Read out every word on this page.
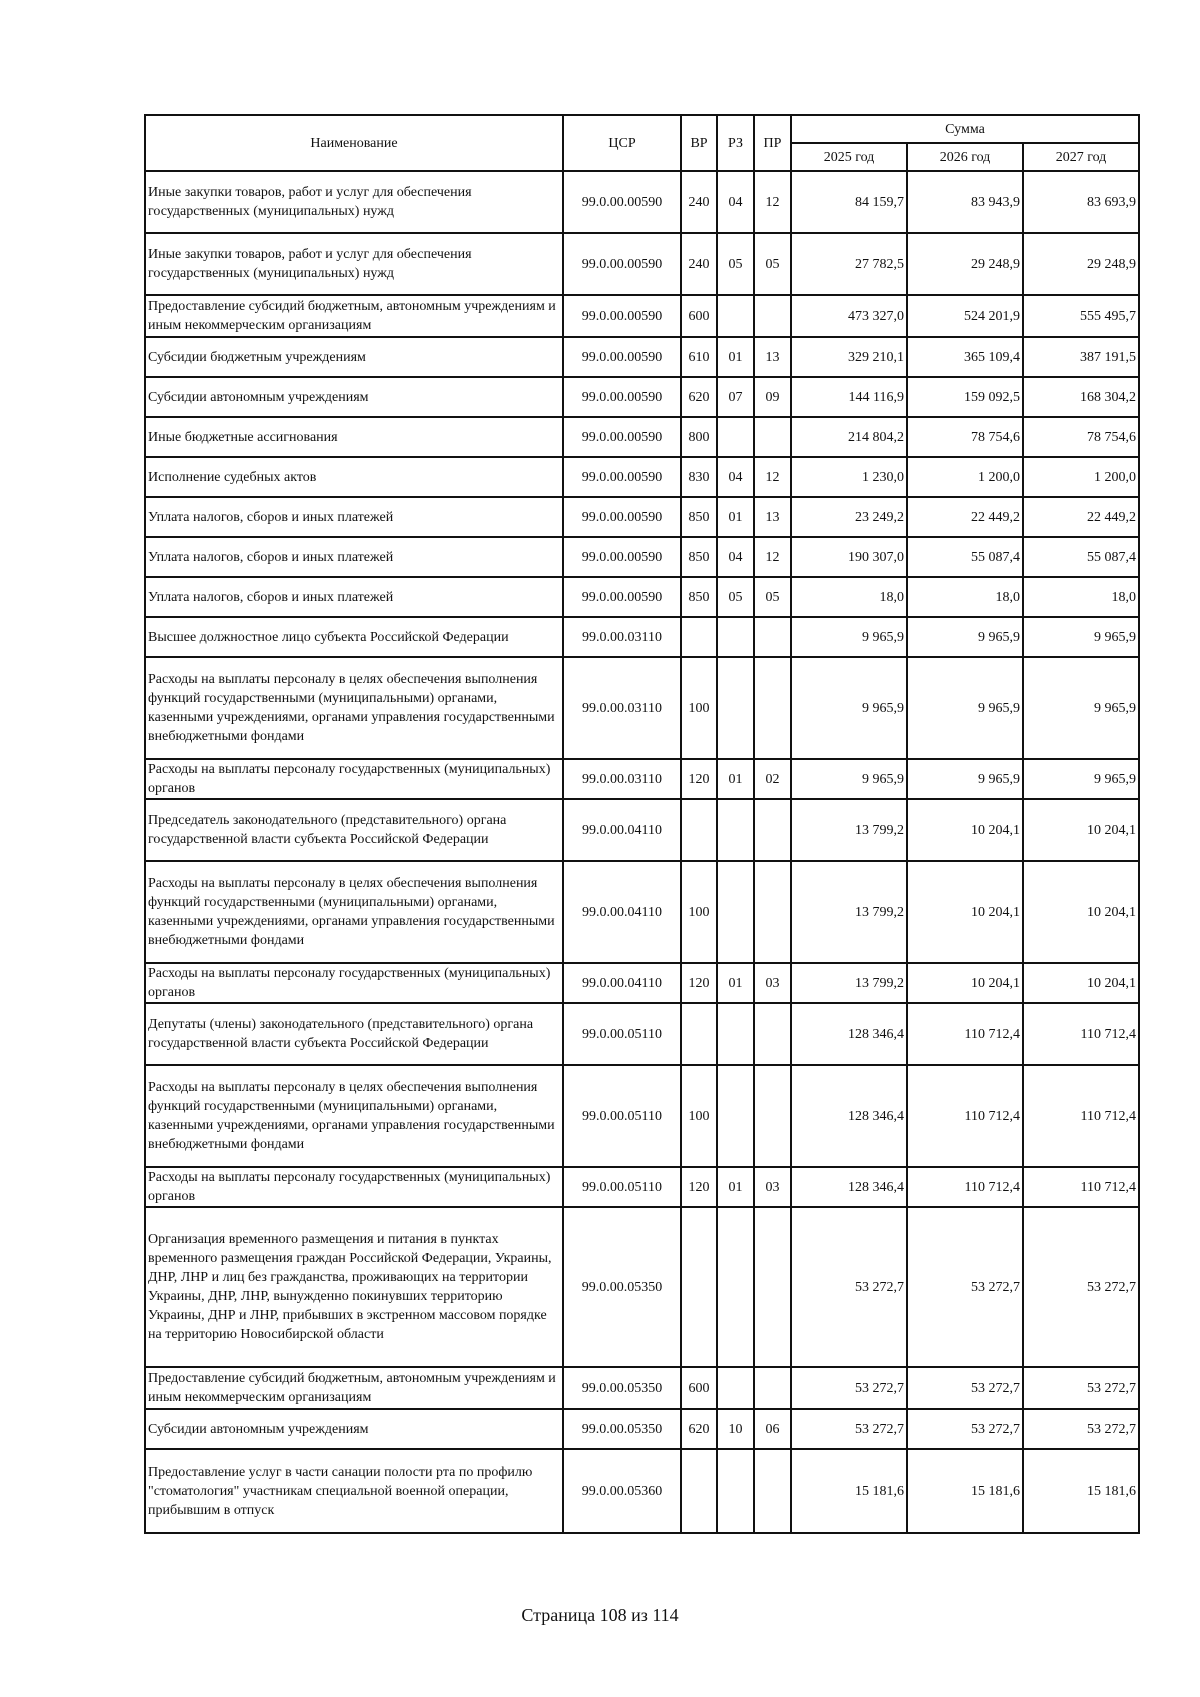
Наименование	ЦСР	ВР	РЗ	ПР	Сумма		
					2025 год	2026 год	2027 год
Иные закупки товаров, работ и услуг для обеспечения государственных (муниципальных) нужд	99.0.00.00590	240	04	12	84 159,7	83 943,9	83 693,9
Иные закупки товаров, работ и услуг для обеспечения государственных (муниципальных) нужд	99.0.00.00590	240	05	05	27 782,5	29 248,9	29 248,9
Предоставление субсидий бюджетным, автономным учреждениям и иным некоммерческим организациям	99.0.00.00590	600			473 327,0	524 201,9	555 495,7
Субсидии бюджетным учреждениям	99.0.00.00590	610	01	13	329 210,1	365 109,4	387 191,5
Субсидии автономным учреждениям	99.0.00.00590	620	07	09	144 116,9	159 092,5	168 304,2
Иные бюджетные ассигнования	99.0.00.00590	800			214 804,2	78 754,6	78 754,6
Исполнение судебных актов	99.0.00.00590	830	04	12	1 230,0	1 200,0	1 200,0
Уплата налогов, сборов и иных платежей	99.0.00.00590	850	01	13	23 249,2	22 449,2	22 449,2
Уплата налогов, сборов и иных платежей	99.0.00.00590	850	04	12	190 307,0	55 087,4	55 087,4
Уплата налогов, сборов и иных платежей	99.0.00.00590	850	05	05	18,0	18,0	18,0
Высшее должностное лицо субъекта Российской Федерации	99.0.00.03110				9 965,9	9 965,9	9 965,9
Расходы на выплаты персоналу в целях обеспечения выполнения функций государственными (муниципальными) органами, казенными учреждениями, органами управления государственными внебюджетными фондами	99.0.00.03110	100			9 965,9	9 965,9	9 965,9
Расходы на выплаты персоналу государственных (муниципальных) органов	99.0.00.03110	120	01	02	9 965,9	9 965,9	9 965,9
Председатель законодательного (представительного) органа государственной власти субъекта Российской Федерации	99.0.00.04110				13 799,2	10 204,1	10 204,1
Расходы на выплаты персоналу в целях обеспечения выполнения функций государственными (муниципальными) органами, казенными учреждениями, органами управления государственными внебюджетными фондами	99.0.00.04110	100			13 799,2	10 204,1	10 204,1
Расходы на выплаты персоналу государственных (муниципальных) органов	99.0.00.04110	120	01	03	13 799,2	10 204,1	10 204,1
Депутаты (члены) законодательного (представительного) органа государственной власти субъекта Российской Федерации	99.0.00.05110				128 346,4	110 712,4	110 712,4
Расходы на выплаты персоналу в целях обеспечения выполнения функций государственными (муниципальными) органами, казенными учреждениями, органами управления государственными внебюджетными фондами	99.0.00.05110	100			128 346,4	110 712,4	110 712,4
Расходы на выплаты персоналу государственных (муниципальных) органов	99.0.00.05110	120	01	03	128 346,4	110 712,4	110 712,4
Организация временного размещения и питания в пунктах временного размещения граждан Российской Федерации, Украины, ДНР, ЛНР и лиц без гражданства, проживающих на территории Украины, ДНР, ЛНР, вынужденно покинувших территорию Украины, ДНР и ЛНР, прибывших в экстренном массовом порядке на территорию Новосибирской области	99.0.00.05350				53 272,7	53 272,7	53 272,7
Предоставление субсидий бюджетным, автономным учреждениям и иным некоммерческим организациям	99.0.00.05350	600			53 272,7	53 272,7	53 272,7
Субсидии автономным учреждениям	99.0.00.05350	620	10	06	53 272,7	53 272,7	53 272,7
Предоставление услуг в части санации полости рта по профилю "стоматология" участникам специальной военной операции, прибывшим в отпуск	99.0.00.05360				15 181,6	15 181,6	15 181,6
Страница 108 из 114
